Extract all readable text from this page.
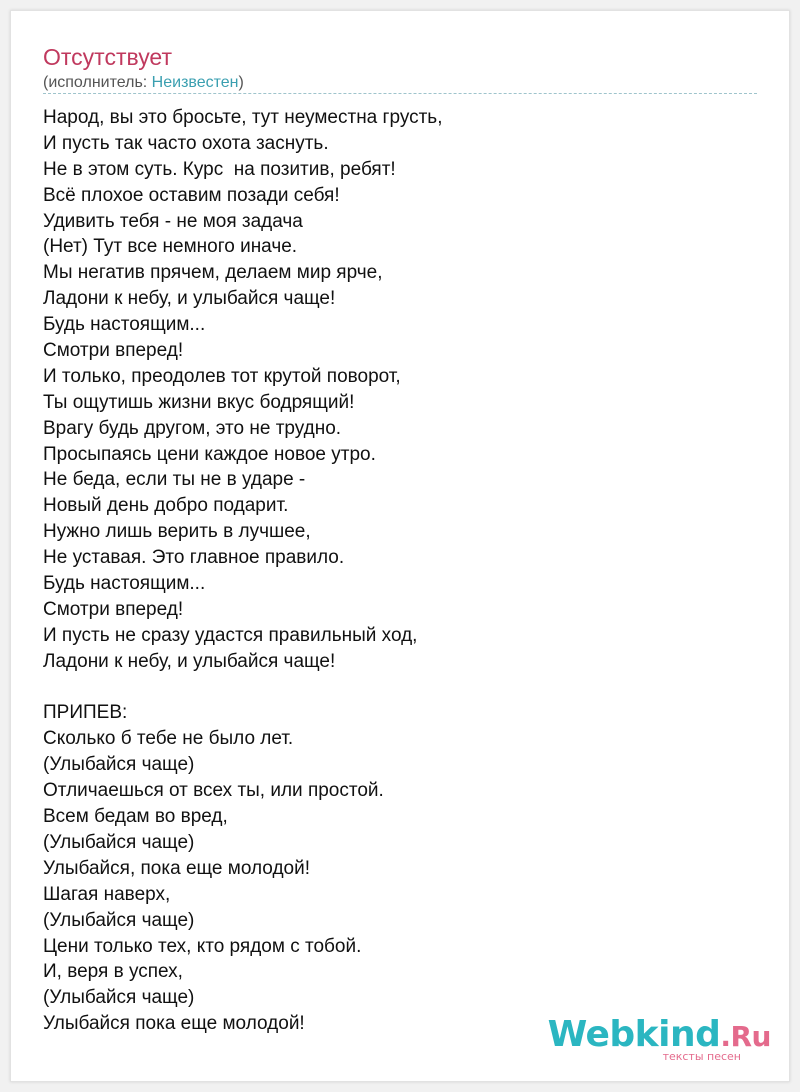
Отсутствует
(исполнитель: Неизвестен)
Народ, вы это бросьте, тут неуместна грусть,
И пусть так часто охота заснуть.
Не в этом суть. Курс  на позитив, ребят!
Всё плохое оставим позади себя!
Удивить тебя - не моя задача
(Нет) Тут все немного иначе.
Мы негатив прячем, делаем мир ярче,
Ладони к небу, и улыбайся чаще!
Будь настоящим...
Смотри вперед!
И только, преодолев тот крутой поворот,
Ты ощутишь жизни вкус бодрящий!
Врагу будь другом, это не трудно.
Просыпаясь цени каждое новое утро.
Не беда, если ты не в ударе -
Новый день добро подарит.
Нужно лишь верить в лучшее,
Не уставая. Это главное правило.
Будь настоящим...
Смотри вперед!
И пусть не сразу удастся правильный ход,
Ладони к небу, и улыбайся чаще!
ПРИПЕВ:
Сколько б тебе не было лет.
(Улыбайся чаще)
Отличаешься от всех ты, или простой.
Всем бедам во вред,
(Улыбайся чаще)
Улыбайся, пока еще молодой!
Шагая наверх,
(Улыбайся чаще)
Цени только тех, кто рядом с тобой.
И, веря в успех,
(Улыбайся чаще)
Улыбайся пока еще молодой!	Webkind.Ru
тексты песен
